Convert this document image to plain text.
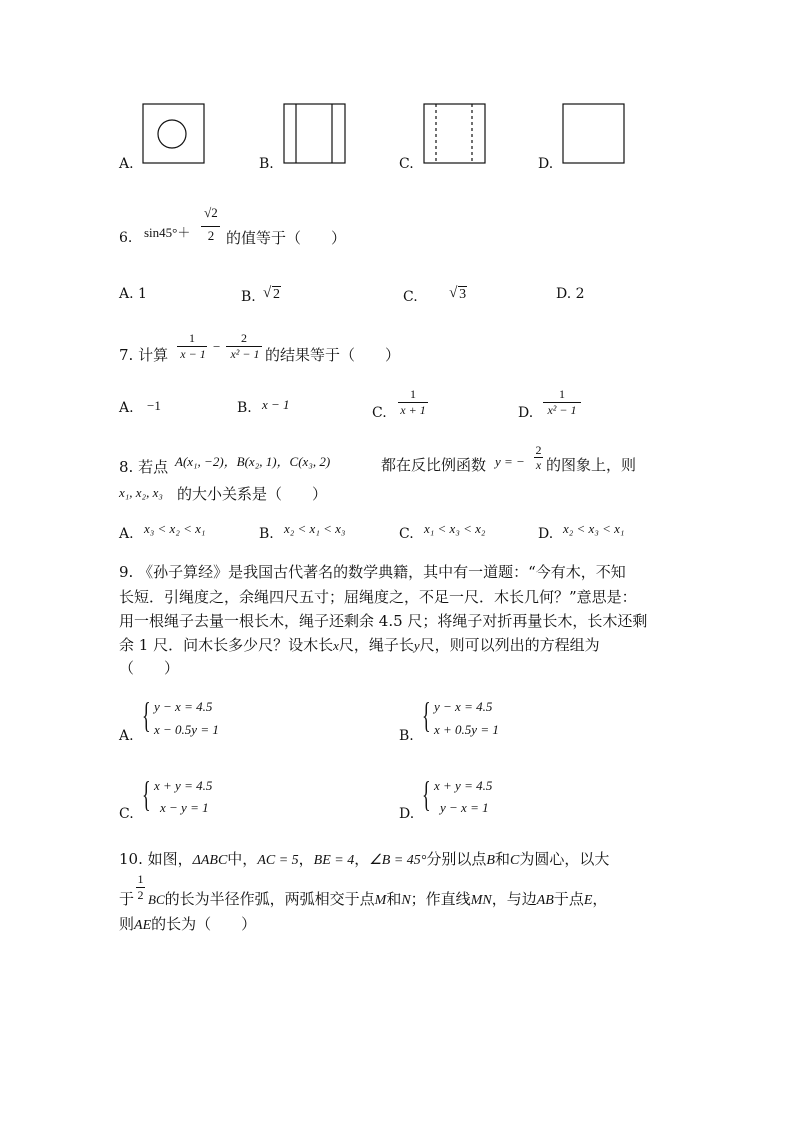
A.	B.	C.	D.
6. sin45°＋
√2
2 的值等于（　　）
A. 1	B. √ 2	C. √ 3	D. 2
7. 计算
1
x − 1 −
2
x² − 1 的结果等于（　　）
A. −1	B. x − 1
C.
1
x + 1	D.
1
x² − 1
8. 若点 A(x₁, −2)，B(x₂, 1)，C(x₃, 2)	都在反比例函数 y = −
2
x 的图象上，则
x₁, x₂, x₃ 的大小关系是（　　）
A. x₃ < x₂ < x₁	B. x₂ < x₁ < x₃	C. x₁ < x₃ < x₂	D. x₂ < x₃ < x₁
9. 《孙子算经》是我国古代著名的数学典籍，其中有一道题：“今有木，不知
长短．引绳度之，余绳四尺五寸；屈绳度之，不足一尺．木长几何？”意思是：
用一根绳子去量一根长木，绳子还剩余 4.5 尺；将绳子对折再量长木，长木还剩
余 1 尺．问木长多少尺？设木长x尺，绳子长y尺，则可以列出的方程组为
（　　）
A.
{ y − x = 4.5
x − 0.5y = 1	B.
{ y − x = 4.5
x + 0.5y = 1
C. { x + y = 4.5
x − y = 1	D. { x + y = 4.5
y − x = 1
10. 如图，ΔABC中，AC = 5，BE = 4，∠B = 45°分别以点B和C为圆心，以大
于
1
2 BC的长为半径作弧，两弧相交于点M和N；作直线MN，与边AB于点E，
则AE的长为（　　）
